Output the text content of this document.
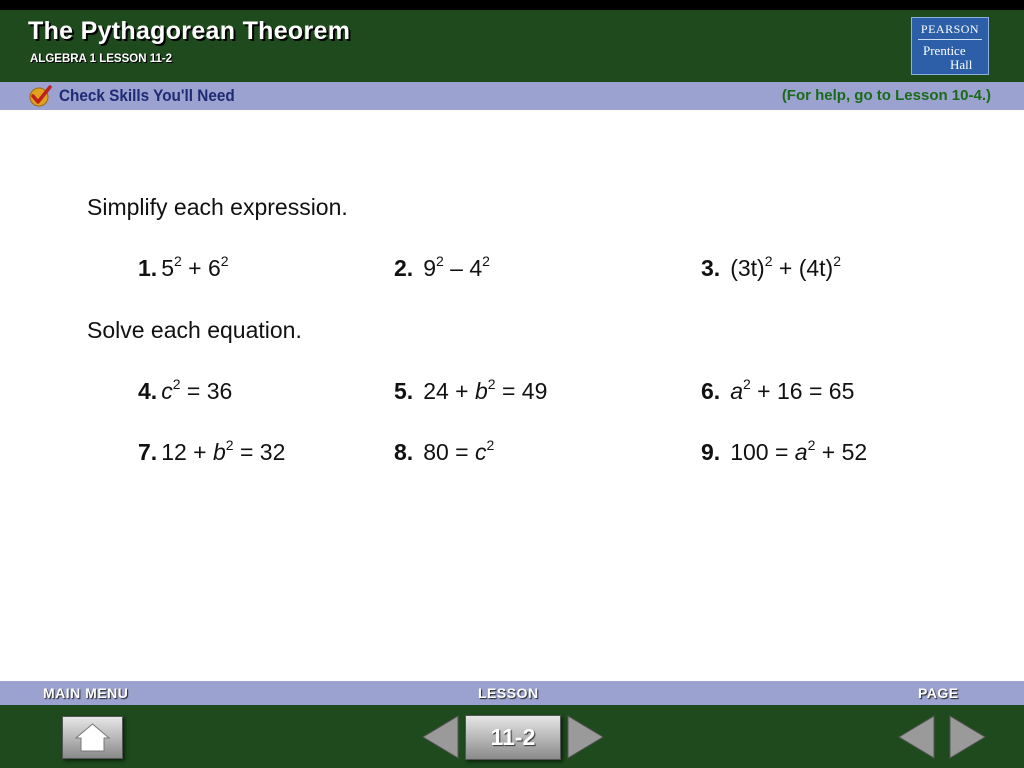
The Pythagorean Theorem
ALGEBRA 1 LESSON 11-2
PEARSON
Prentice
Hall
Check Skills You'll Need	(For help, go to Lesson 10-4.)
Simplify each expression.
Solve each equation.
1. $5^2 + 6^2$	2. $9^2 - 4^2$	3. $(3t)^2 + (4t)^2$
4. $c^2 = 36$	5. $24 + b^2 = 49$	6. $a^2 + 16 = 65$
7. $12 + b^2 = 32$	8. $80 = c^2$	9. $100 = a^2 + 52$
MAIN MENU	LESSON	PAGE
11-2
